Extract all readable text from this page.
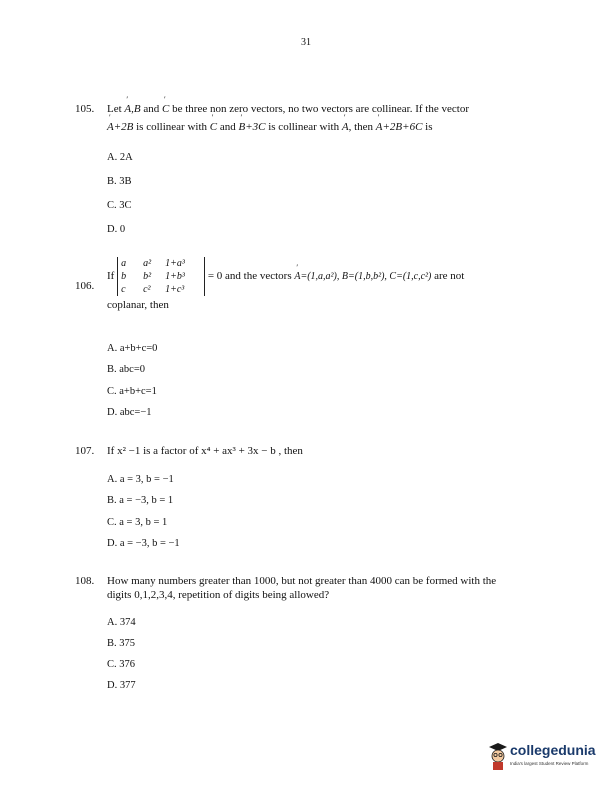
31
105.	Let ′ A,B and ′ C be three non zero vectors, no two vectors are collinear. If the vector
′ A+2B is collinear with ′ C and ′ B+3C is collinear with ′ A, then ′ A+2B+6C is
A. 2A
B. 3B
C. 3C
D. 0
106.
If a a² 1+a³
b b² 1+b³
c c² 1+c³ = 0 and the vectors ′ A=(1,a,a²), B=(1,b,b²), C=(1,c,c²) are not
coplanar, then
A. a+b+c=0
B. abc=0
C. a+b+c=1
D. abc=−1
107.	If x² −1 is a factor of x⁴ + ax³ + 3x − b , then
A. a = 3, b = −1
B. a = −3, b = 1
C. a = 3, b = 1
D. a = −3, b = −1
108.	How many numbers greater than 1000, but not greater than 4000 can be formed with the
digits 0,1,2,3,4, repetition of digits being allowed?
A. 374
B. 375
C. 376
D. 377
collegedunia
India's largest Student Review Platform
